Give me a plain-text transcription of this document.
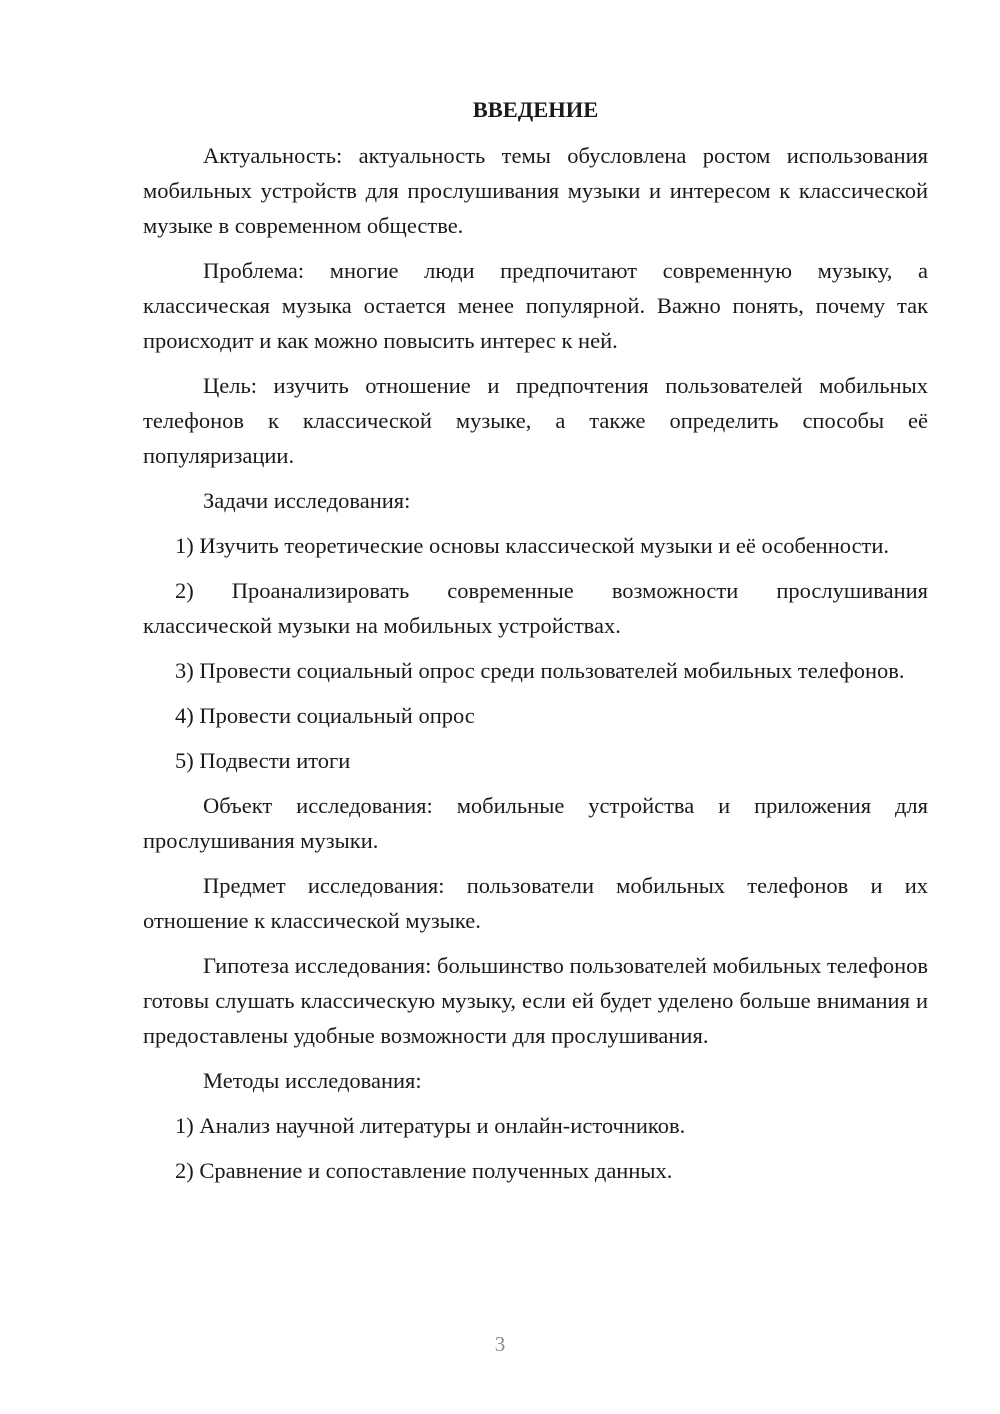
ВВЕДЕНИЕ

Актуальность: актуальность темы обусловлена ростом использования мобильных устройств для прослушивания музыки и интересом к классической музыке в современном обществе.

Проблема: многие люди предпочитают современную музыку, а классическая музыка остается менее популярной. Важно понять, почему так происходит и как можно повысить интерес к ней.

Цель: изучить отношение и предпочтения пользователей мобильных телефонов к классической музыке, а также определить способы её популяризации.

Задачи исследования:

1) Изучить теоретические основы классической музыки и её особенности.

2) Проанализировать современные возможности прослушивания классической музыки на мобильных устройствах.

3) Провести социальный опрос среди пользователей мобильных телефонов.

4) Провести социальный опрос

5) Подвести итоги

Объект исследования: мобильные устройства и приложения для прослушивания музыки.

Предмет исследования: пользователи мобильных телефонов и их отношение к классической музыке.

Гипотеза исследования: большинство пользователей мобильных телефонов готовы слушать классическую музыку, если ей будет уделено больше внимания и предоставлены удобные возможности для прослушивания.

Методы исследования:

1) Анализ научной литературы и онлайн-источников.

2) Сравнение и сопоставление полученных данных.

3
